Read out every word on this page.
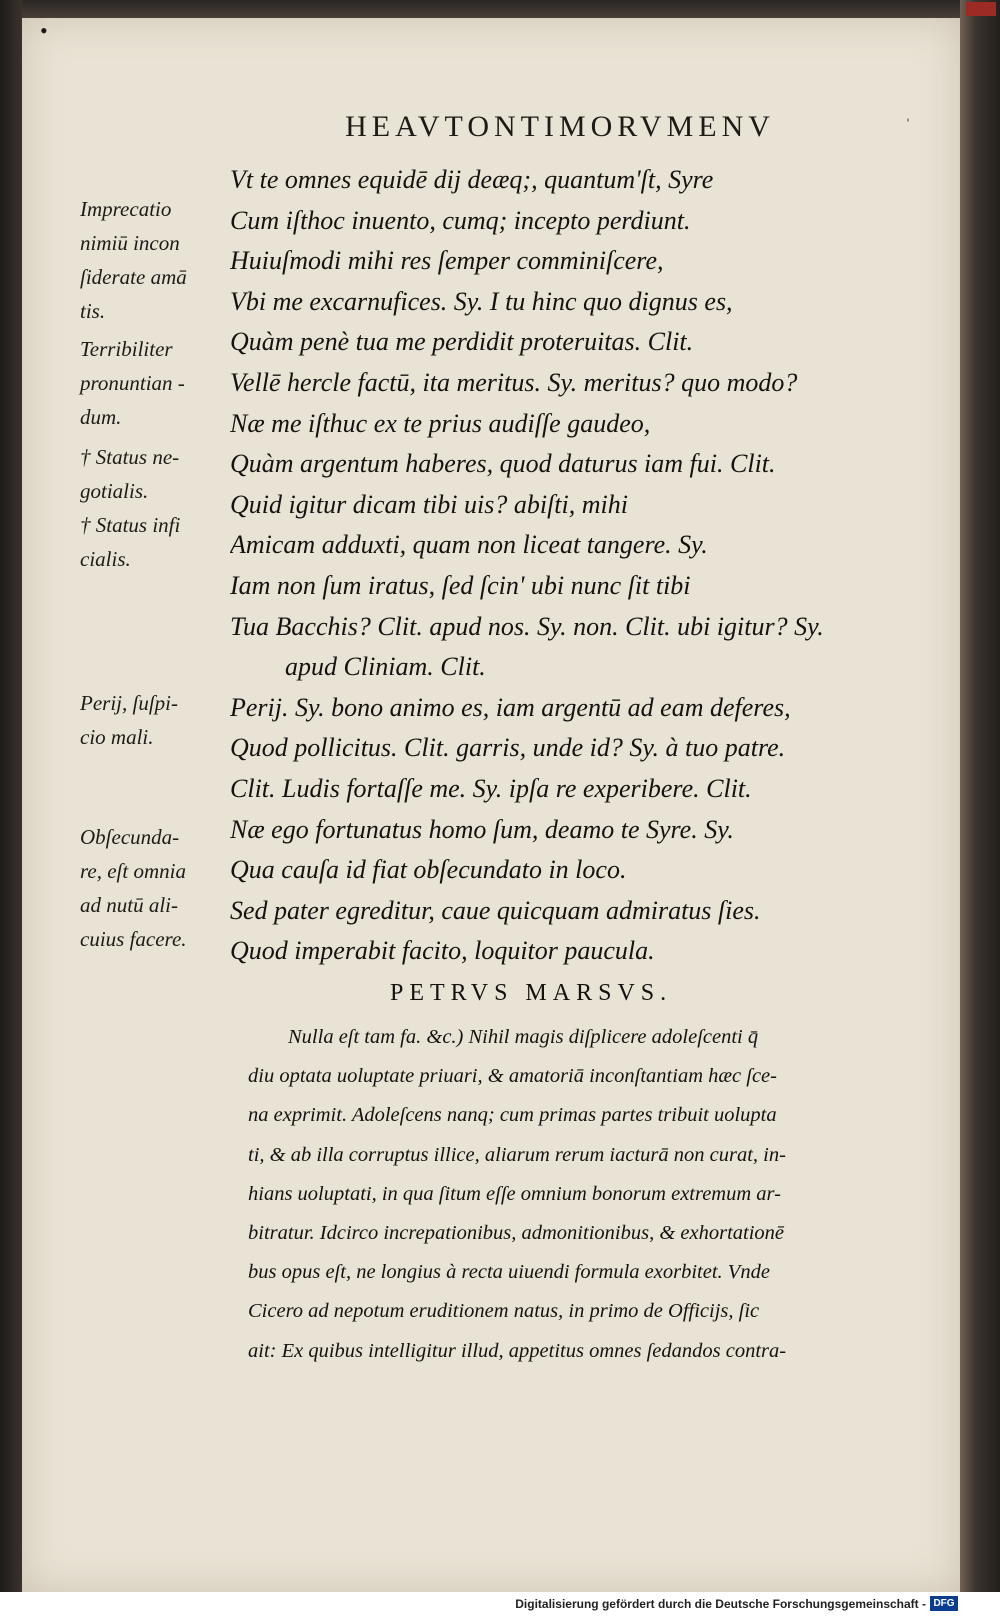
•
HEAVTONTIMORVMENV	ˈ
Imprecatio
nimiū incon
ſiderate amā
tis.
Terribiliter
pronuntian -
dum.
† Status ne-
gotialis.
† Status infi
cialis.
Perij, ſuſpi-
cio mali.
Obſecunda-
re, eſt omnia
ad nutū ali-
cuius facere.
Vt te omnes equidē dij deæq;, quantum'ſt, Syre
Cum iſthoc inuento, cumq; incepto perdiunt.
Huiuſmodi mihi res ſemper comminiſcere,
Vbi me excarnufices. Sy. I tu hinc quo dignus es,
Quàm penè tua me perdidit proteruitas. Clit.
Vellē hercle factū, ita meritus. Sy. meritus? quo modo?
Næ me iſthuc ex te prius audiſſe gaudeo,
Quàm argentum haberes, quod daturus iam fui. Clit.
Quid igitur dicam tibi uis? abiſti, mihi
Amicam adduxti, quam non liceat tangere. Sy.
Iam non ſum iratus, ſed ſcin' ubi nunc ſit tibi
Tua Bacchis? Clit. apud nos. Sy. non. Clit. ubi igitur? Sy.
apud Cliniam. Clit.
Perij. Sy. bono animo es, iam argentū ad eam deferes,
Quod pollicitus. Clit. garris, unde id? Sy. à tuo patre.
Clit. Ludis fortaſſe me. Sy. ipſa re experibere. Clit.
Næ ego fortunatus homo ſum, deamo te Syre. Sy.
Qua cauſa id fiat obſecundato in loco.
Sed pater egreditur, caue quicquam admiratus ſies.
Quod imperabit facito, loquitor paucula.
PETRVS MARSVS.
Nulla eſt tam fa. &c.) Nihil magis diſplicere adoleſcenti q̄
diu optata uoluptate priuari, & amatoriā inconſtantiam hæc ſce-
na exprimit. Adoleſcens nanq; cum primas partes tribuit uolupta
ti, & ab illa corruptus illice, aliarum rerum iacturā non curat, in-
hians uoluptati, in qua ſitum eſſe omnium bonorum extremum ar-
bitratur. Idcirco increpationibus, admonitionibus, & exhortationē
bus opus eſt, ne longius à recta uiuendi formula exorbitet. Vnde
Cicero ad nepotum eruditionem natus, in primo de Officijs, ſic
ait: Ex quibus intelligitur illud, appetitus omnes ſedandos contra-
Digitalisierung gefördert durch die Deutsche Forschungsgemeinschaft - DFG
